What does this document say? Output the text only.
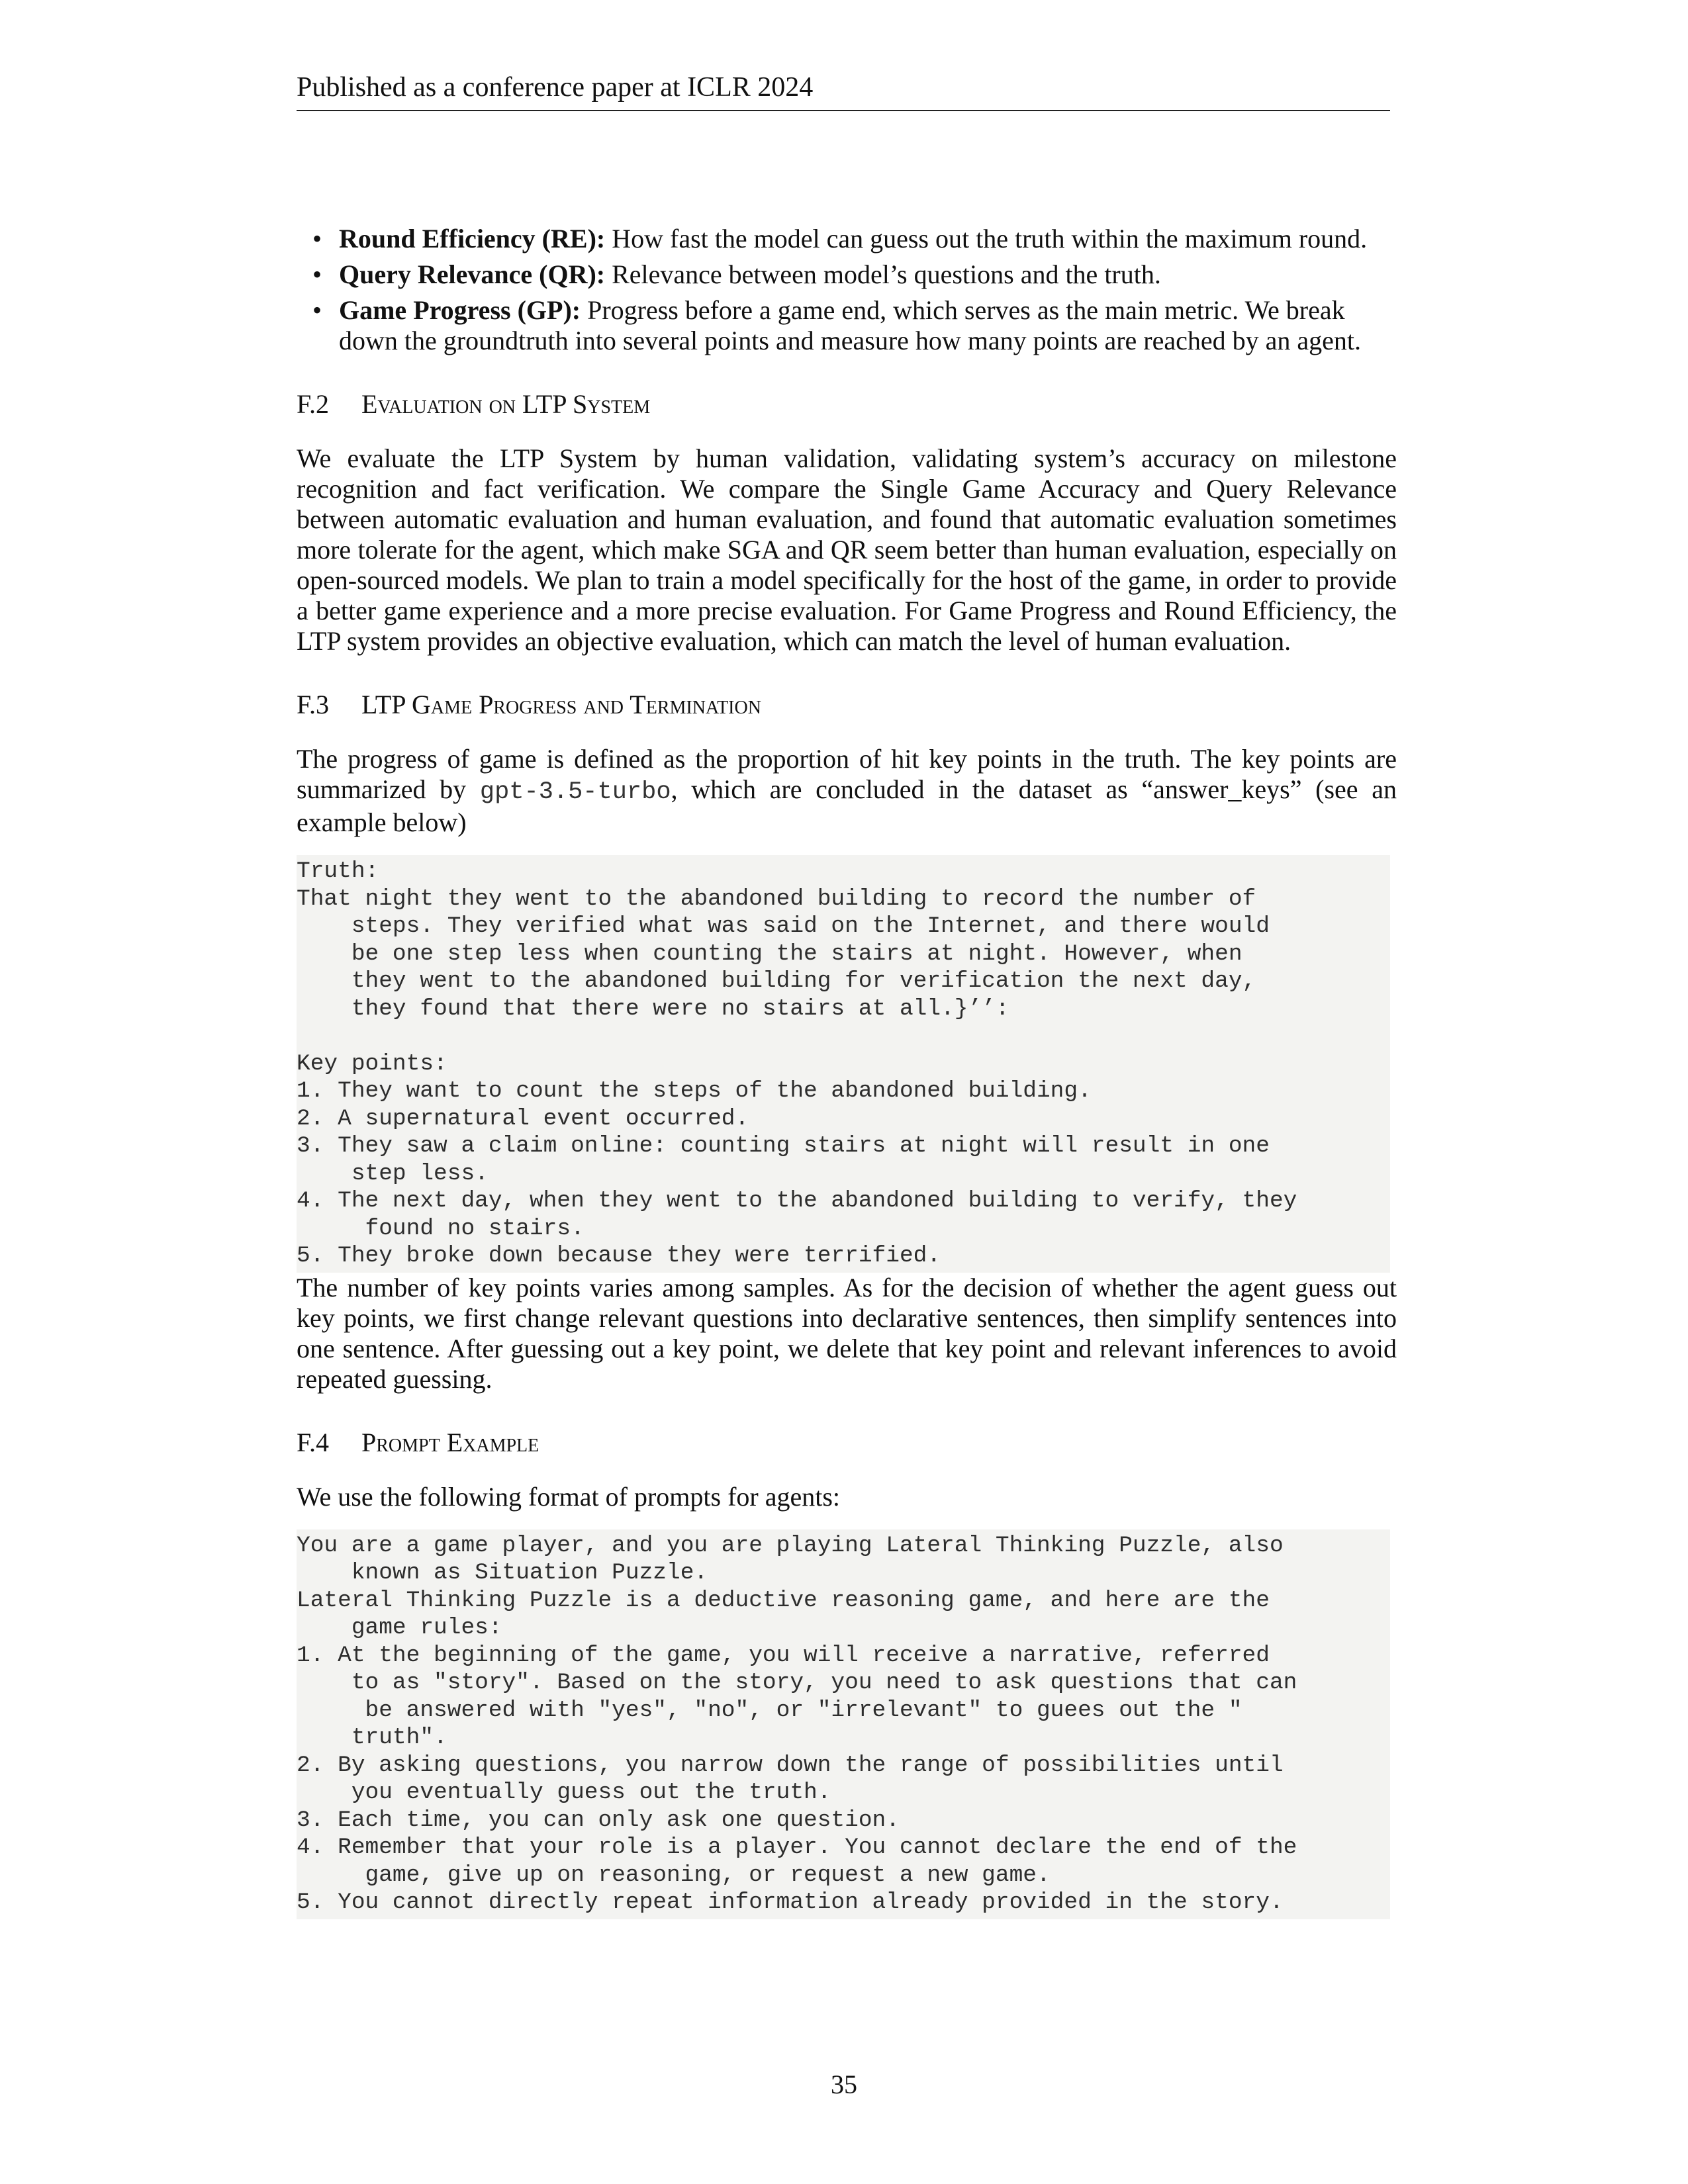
Published as a conference paper at ICLR 2024
• Round Efficiency (RE): How fast the model can guess out the truth within the maximum round.
• Query Relevance (QR): Relevance between model’s questions and the truth.
• Game Progress (GP): Progress before a game end, which serves as the main metric. We break down the groundtruth into several points and measure how many points are reached by an agent.
F.2 Evaluation on LTP System

We evaluate the LTP System by human validation, validating system’s accuracy on milestone recognition and fact verification. We compare the Single Game Accuracy and Query Relevance between automatic evaluation and human evaluation, and found that automatic evaluation sometimes more tolerate for the agent, which make SGA and QR seem better than human evaluation, especially on open-sourced models. We plan to train a model specifically for the host of the game, in order to provide a better game experience and a more precise evaluation. For Game Progress and Round Efficiency, the LTP system provides an objective evaluation, which can match the level of human evaluation.

F.3 LTP Game Progress and Termination

The progress of game is defined as the proportion of hit key points in the truth. The key points are summarized by gpt-3.5-turbo, which are concluded in the dataset as “answer_keys” (see an example below)

Truth:
That night they went to the abandoned building to record the number of
steps. They verified what was said on the Internet, and there would
be one step less when counting the stairs at night. However, when
they went to the abandoned building for verification the next day,
they found that there were no stairs at all.}’’:

Key points:
1. They want to count the steps of the abandoned building.
2. A supernatural event occurred.
3. They saw a claim online: counting stairs at night will result in one
step less.
4. The next day, when they went to the abandoned building to verify, they
found no stairs.
5. They broke down because they were terrified.

The number of key points varies among samples. As for the decision of whether the agent guess out key points, we first change relevant questions into declarative sentences, then simplify sentences into one sentence. After guessing out a key point, we delete that key point and relevant inferences to avoid repeated guessing.

F.4 Prompt Example

We use the following format of prompts for agents:

You are a game player, and you are playing Lateral Thinking Puzzle, also
known as Situation Puzzle.
Lateral Thinking Puzzle is a deductive reasoning game, and here are the
game rules:
1. At the beginning of the game, you will receive a narrative, referred
to as "story". Based on the story, you need to ask questions that can
be answered with "yes", "no", or "irrelevant" to guees out the "
truth".
2. By asking questions, you narrow down the range of possibilities until
you eventually guess out the truth.
3. Each time, you can only ask one question.
4. Remember that your role is a player. You cannot declare the end of the
game, give up on reasoning, or request a new game.
5. You cannot directly repeat information already provided in the story.
35
